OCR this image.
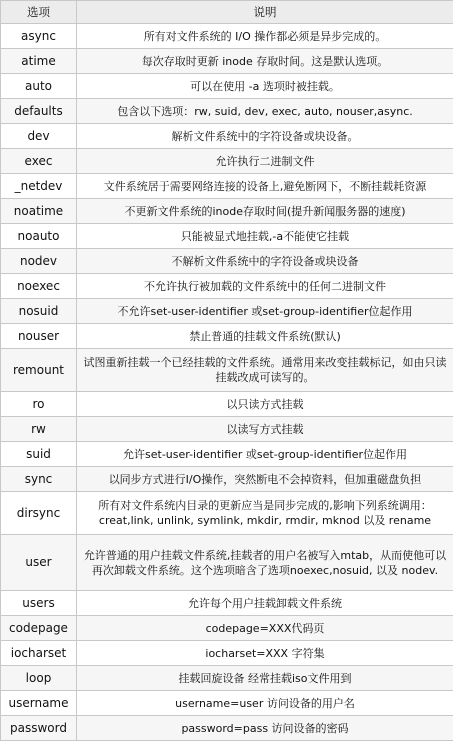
选项	说明
async	所有对文件系统的 I/O 操作都必须是异步完成的。
atime	每次存取时更新 inode 存取时间。这是默认选项。
auto	可以在使用 -a 选项时被挂载。
defaults	包含以下选项：rw, suid, dev, exec, auto, nouser,async.
dev	解析文件系统中的字符设备或块设备。
exec	允许执行二进制文件
_netdev	文件系统居于需要网络连接的设备上,避免断网下，不断挂载耗资源
noatime	不更新文件系统的inode存取时间(提升新闻服务器的速度)
noauto	只能被显式地挂载,-a不能使它挂载
nodev	不解析文件系统中的字符设备或块设备
noexec	不允许执行被加载的文件系统中的任何二进制文件
nosuid	不允许set-user-identifier 或set-group-identifier位起作用
nouser	禁止普通的挂载文件系统(默认)
remount	试图重新挂载一个已经挂载的文件系统。通常用来改变挂载标记，如由只读挂载改成可读写的。
ro	以只读方式挂载
rw	以读写方式挂载
suid	允许set-user-identifier 或set-group-identifier位起作用
sync	以同步方式进行I/O操作，突然断电不会掉资料，但加重磁盘负担
dirsync	所有对文件系统内目录的更新应当是同步完成的,影响下列系统调用：creat,link, unlink, symlink, mkdir, rmdir, mknod 以及 rename
user	允许普通的用户挂载文件系统,挂载者的用户名被写入mtab，从而使他可以再次卸载文件系统。这个选项暗含了选项noexec,nosuid, 以及 nodev.
users	允许每个用户挂载卸载文件系统
codepage	codepage=XXX代码页
iocharset	iocharset=XXX 字符集
loop	挂载回旋设备 经常挂载iso文件用到
username	username=user 访问设备的用户名
password	password=pass 访问设备的密码
